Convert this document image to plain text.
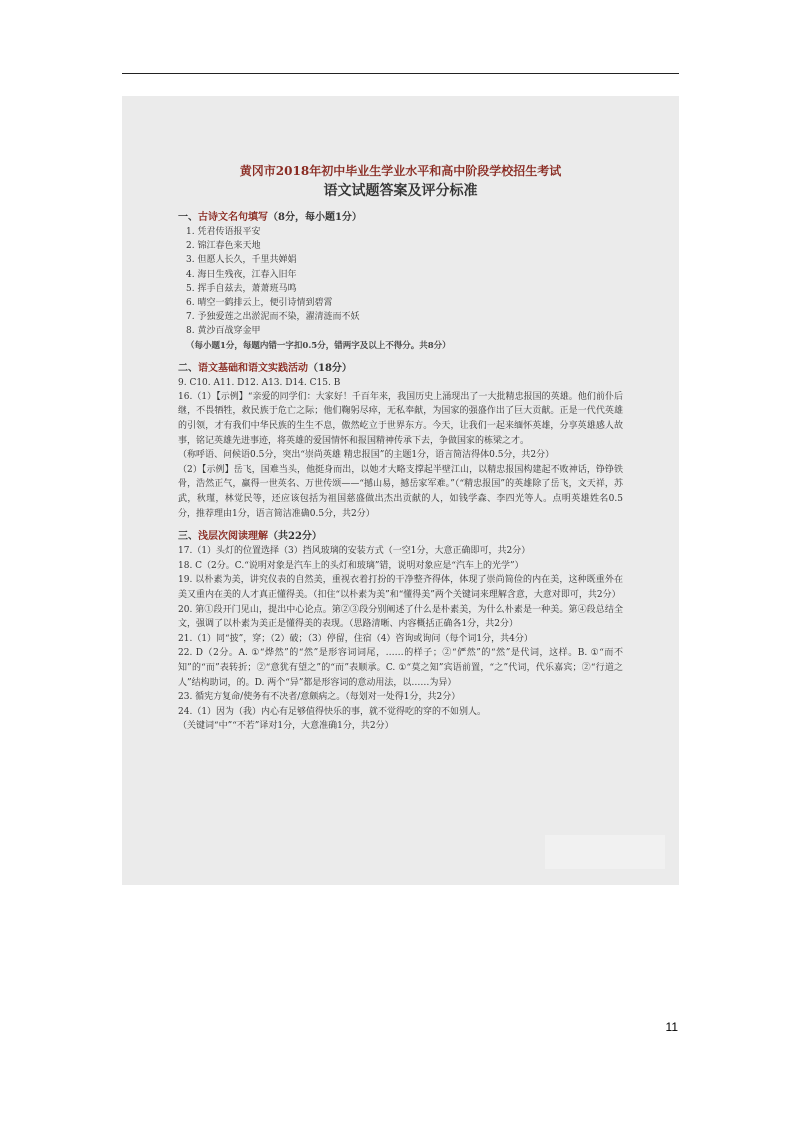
黄冈市2018年初中毕业生学业水平和高中阶段学校招生考试
语文试题答案及评分标准
一、古诗文名句填写（8分，每小题1分）
1. 凭君传语报平安
2. 锦江春色来天地
3. 但愿人长久，千里共婵娟
4. 海日生残夜，江春入旧年
5. 挥手自兹去，萧萧班马鸣
6. 晴空一鹤排云上，便引诗情到碧霄
7. 予独爱莲之出淤泥而不染，濯清涟而不妖
8. 黄沙百战穿金甲
（每小题1分，每题内错一字扣0.5分，错两字及以上不得分。共8分）
二、语文基础和语文实践活动（18分）
9. C10. A11. D12. A13. D14. C15. B
16.（1）【示例】“亲爱的同学们：大家好！千百年来，我国历史上涌现出了一大批精忠报国的英雄。他们前仆后继，不畏牺牲，救民族于危亡之际；他们鞠躬尽瘁，无私奉献，为国家的强盛作出了巨大贡献。正是一代代英雄的引领，才有我们中华民族的生生不息，傲然屹立于世界东方。今天，让我们一起来缅怀英雄，分享英雄感人故事，铭记英雄先进事迹，将英雄的爱国情怀和报国精神传承下去，争做国家的栋梁之才。
（称呼语、问候语0.5分，突出“崇尚英雄 精忠报国”的主题1分，语言简洁得体0.5分，共2分）
（2）【示例】岳飞，国难当头，他挺身而出，以她才大略支撑起半壁江山，以精忠报国构建起不败神话，铮铮铁骨，浩然正气，赢得一世英名、万世传颂——“撼山易，撼岳家军难。”（“精忠报国”的英雄除了岳飞，文天祥，苏武，秋瑾，林觉民等，还应该包括为祖国慈盛做出杰出贡献的人，如钱学森、李四光等人。点明英雄姓名0.5分，推荐理由1分，语言简洁准确0.5分，共2分）
三、浅层次阅读理解（共22分）
17.（1）头灯的位置选择（3）挡风玻璃的安装方式（一空1分，大意正确即可，共2分）
18. C（2分。C.“说明对象是汽车上的头灯和玻璃”错，说明对象应是“汽车上的光学”）
19. 以朴素为美，讲究仪表的自然美，重视衣着打扮的干净整齐得体，体现了崇尚简俭的内在美，这种既重外在美又重内在美的人才真正懂得美。（扣住“以朴素为美”和“懂得美”两个关键词来理解含意，大意对即可，共2分）
20. 第①段开门见山，提出中心论点。第②③段分别阐述了什么是朴素美，为什么朴素是一种美。第④段总结全文，强调了以朴素为美正是懂得美的表现。（思路清晰、内容概括正确各1分，共2分）
21.（1）同“披”，穿；（2）破；（3）停留，住宿（4）咨询或询问（每个词1分，共4分）
22. D（2分。A. ①“烨然”的“然”是形容词词尾，……的样子；②“俨然”的“然”是代词，这样。B. ①“而不知”的“而”表转折；②“意犹有望之”的“而”表顺承。C. ①“莫之知”宾语前置，“之”代词，代乐嘉宾；②“行道之人”结构助词，的。D. 两个“异”都是形容词的意动用法，以……为异）
23. 循宪方复命/使务有不决者/意颇病之。（每划对一处得1分，共2分）
24.（1）因为（我）内心有足够值得快乐的事，就不觉得吃的穿的不如别人。
（关键词“中”“不若”译对1分，大意准确1分，共2分）
11
